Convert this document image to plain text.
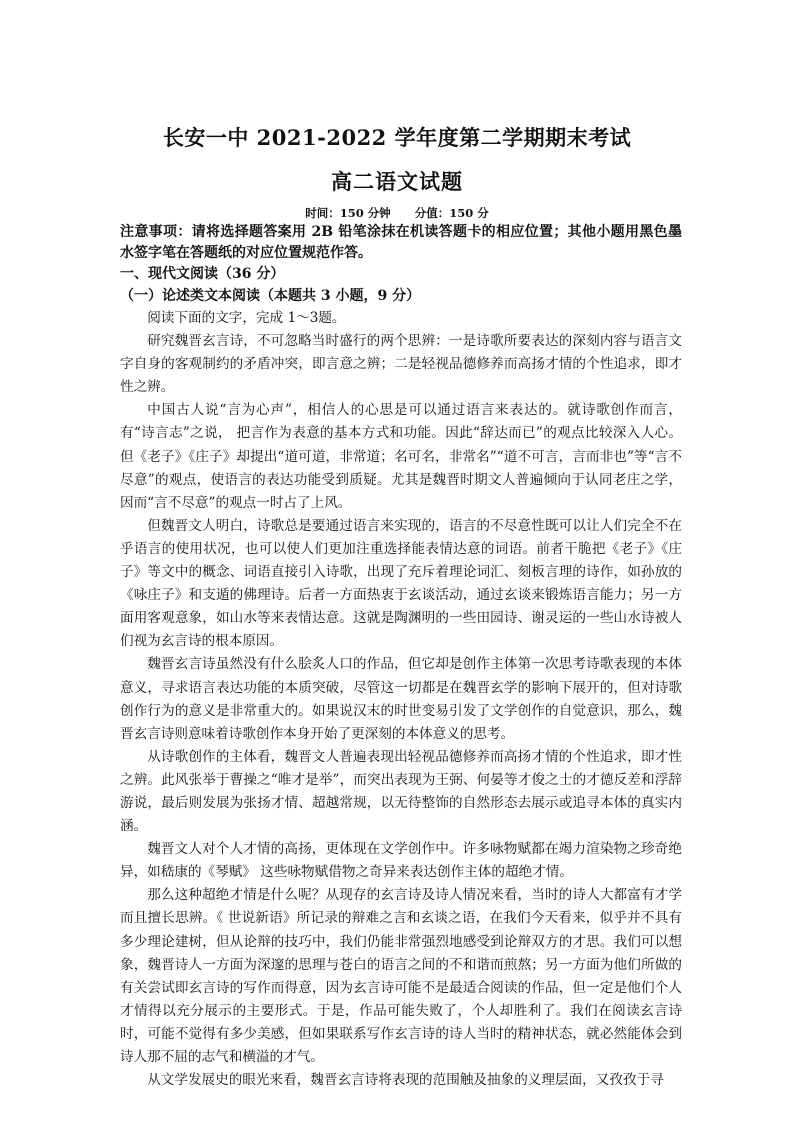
长安一中 2021-2022 学年度第二学期期末考试
高二语文试题
时间：150 分钟      分值：150 分
注意事项：请将选择题答案用 2B 铅笔涂抹在机读答题卡的相应位置；其他小题用黑色墨水签字笔在答题纸的对应位置规范作答。
一、现代文阅读（36 分）
（一）论述类文本阅读（本题共 3 小题，9 分）

阅读下面的文字，完成 1～3题。

研究魏晋玄言诗，不可忽略当时盛行的两个思辨：一是诗歌所要表达的深刻内容与语言文字自身的客观制约的矛盾冲突，即言意之辨；二是轻视品德修养而高扬才情的个性追求，即才性之辨。

中国古人说“言为心声”，相信人的心思是可以通过语言来表达的。就诗歌创作而言，有“诗言志”之说， 把言作为表意的基本方式和功能。因此“辞达而已”的观点比较深入人心。 但《老子》《庄子》却提出“道可道，非常道；名可名，非常名”“道不可言，言而非也”等“言不尽意”的观点，使语言的表达功能受到质疑。尤其是魏晋时期文人普遍倾向于认同老庄之学，因而“言不尽意”的观点一时占了上风。

但魏晋文人明白，诗歌总是要通过语言来实现的，语言的不尽意性既可以让人们完全不在乎语言的使用状况，也可以使人们更加注重选择能表情达意的词语。前者干脆把《老子》《庄子》等文中的概念、词语直接引入诗歌，出现了充斥着理论词汇、刻板言理的诗作，如孙放的《咏庄子》和支遁的佛理诗。后者一方面热衷于玄谈活动，通过玄谈来锻炼语言能力；另一方面用客观意象，如山水等来表情达意。这就是陶渊明的一些田园诗、谢灵运的一些山水诗被人们视为玄言诗的根本原因。

魏晋玄言诗虽然没有什么脍炙人口的作品，但它却是创作主体第一次思考诗歌表现的本体意义，寻求语言表达功能的本质突破，尽管这一切都是在魏晋玄学的影响下展开的，但对诗歌创作行为的意义是非常重大的。如果说汉末的时世变易引发了文学创作的自觉意识，那么，魏晋玄言诗则意味着诗歌创作本身开始了更深刻的本体意义的思考。

从诗歌创作的主体看，魏晋文人普遍表现出轻视品德修养而高扬才情的个性追求，即才性之辨。此风张举于曹操之“唯才是举”，而突出表现为王弼、何晏等才俊之士的才德反差和浮辞游说，最后则发展为张扬才情、超越常规，以无待整饰的自然形态去展示或追寻本体的真实内涵。

魏晋文人对个人才情的高扬，更体现在文学创作中。许多咏物赋都在竭力渲染物之珍奇绝异，如嵇康的《琴赋》 这些咏物赋借物之奇异来表达创作主体的超绝才情。

那么这种超绝才情是什么呢？从现存的玄言诗及诗人情况来看，当时的诗人大都富有才学而且擅长思辨。《 世说新语》所记录的辩难之言和玄谈之语，在我们今天看来，似乎并不具有多少理论建树，但从论辩的技巧中，我们仍能非常强烈地感受到论辩双方的才思。我们可以想象，魏晋诗人一方面为深邃的思理与苍白的语言之间的不和谐而煎熬；另一方面为他们所做的有关尝试即玄言诗的写作而得意，因为玄言诗可能不是最适合阅读的作品，但一定是他们个人才情得以充分展示的主要形式。于是，作品可能失败了，个人却胜利了。我们在阅读玄言诗时，可能不觉得有多少美感，但如果联系写作玄言诗的诗人当时的精神状态，就必然能体会到诗人那不屈的志气和横溢的才气。

从文学发展史的眼光来看，魏晋玄言诗将表现的范围触及抽象的义理层面，又孜孜于寻
